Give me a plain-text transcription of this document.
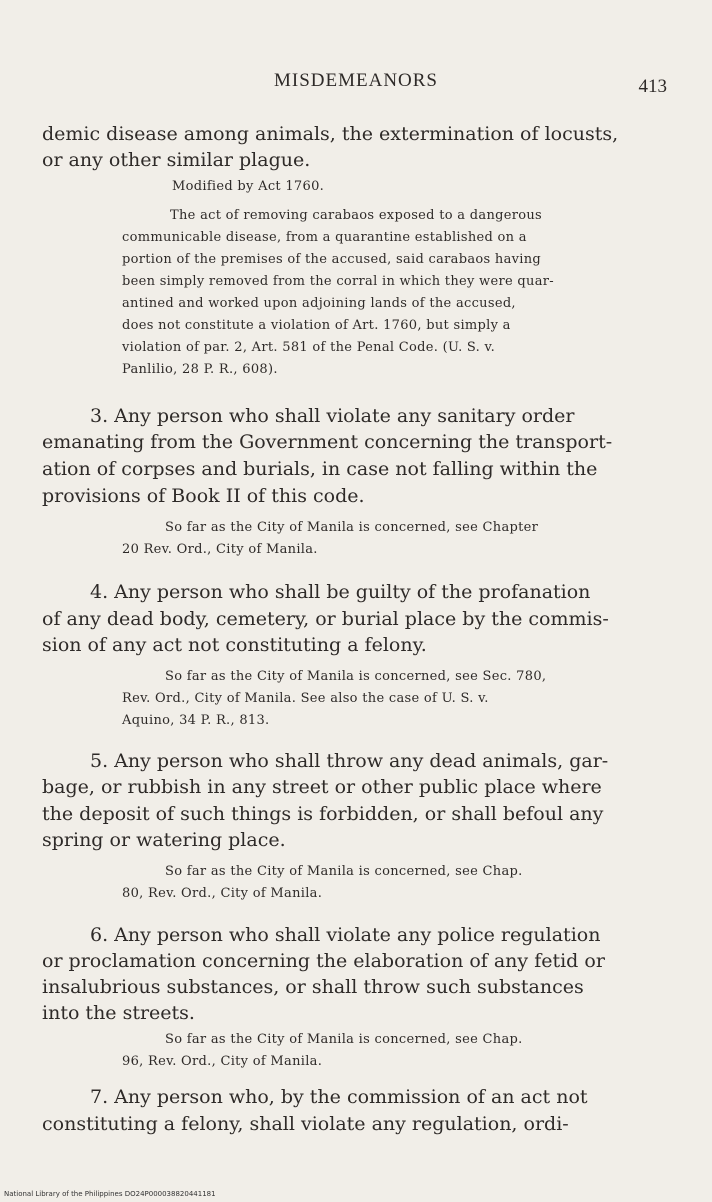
MISDEMEANORS	413
demic disease among animals, the extermination of locusts,
or any other similar plague.
Modified by Act 1760.
The act of removing carabaos exposed to a dangerous
communicable disease, from a quarantine established on a
portion of the premises of the accused, said carabaos having
been simply removed from the corral in which they were quar-
antined and worked upon adjoining lands of the accused,
does not constitute a violation of Art. 1760, but simply a
violation of par. 2, Art. 581 of the Penal Code. (U. S. v.
Panlilio, 28 P. R., 608).
3. Any person who shall violate any sanitary order
emanating from the Government concerning the transport-
ation of corpses and burials, in case not falling within the
provisions of Book II of this code.
So far as the City of Manila is concerned, see Chapter
20 Rev. Ord., City of Manila.
4. Any person who shall be guilty of the profanation
of any dead body, cemetery, or burial place by the commis-
sion of any act not constituting a felony.
So far as the City of Manila is concerned, see Sec. 780,
Rev. Ord., City of Manila. See also the case of U. S. v.
Aquino, 34 P. R., 813.
5. Any person who shall throw any dead animals, gar-
bage, or rubbish in any street or other public place where
the deposit of such things is forbidden, or shall befoul any
spring or watering place.
So far as the City of Manila is concerned, see Chap.
80, Rev. Ord., City of Manila.
6. Any person who shall violate any police regulation
or proclamation concerning the elaboration of any fetid or
insalubrious substances, or shall throw such substances
into the streets.
So far as the City of Manila is concerned, see Chap.
96, Rev. Ord., City of Manila.
7. Any person who, by the commission of an act not
constituting a felony, shall violate any regulation, ordi-
National Library of the Philippines DO24P000038820441181
